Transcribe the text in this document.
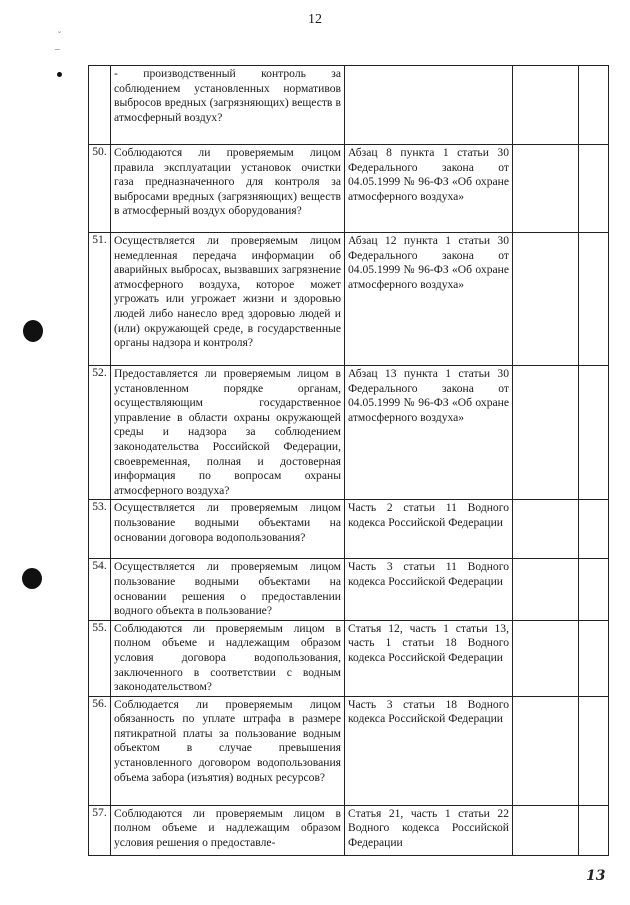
12
˘
–
	- производственный контроль за соблюдением установленных нормативов выбросов вредных (загрязняющих) веществ в атмосферный воздух?			
50.	Соблюдаются ли проверяемым лицом правила эксплуатации установок очистки газа предназначенного для контроля за выбросами вредных (загрязняющих) веществ в атмосферный воздух оборудования?	Абзац 8 пункта 1 статьи 30 Федерального закона от 04.05.1999 № 96-ФЗ «Об охране атмосферного воздуха»		
51.	Осуществляется ли проверяемым лицом немедленная передача информации об аварийных выбросах, вызвавших загрязнение атмосферного воздуха, которое может угрожать или угрожает жизни и здоровью людей либо нанесло вред здоровью людей и (или) окружающей среде, в государственные органы надзора и контроля?	Абзац 12 пункта 1 статьи 30 Федерального закона от 04.05.1999 № 96-ФЗ «Об охране атмосферного воздуха»		
52.	Предоставляется ли проверяемым лицом в установленном порядке органам, осуществляющим государственное управление в области охраны окружающей среды и надзора за соблюдением законодательства Российской Федерации, своевременная, полная и достоверная информация по вопросам охраны атмосферного воздуха?	Абзац 13 пункта 1 статьи 30 Федерального закона от 04.05.1999 № 96-ФЗ «Об охране атмосферного воздуха»		
53.	Осуществляется ли проверяемым лицом пользование водными объектами на основании договора водопользования?	Часть 2 статьи 11 Водного кодекса Российской Федерации		
54.	Осуществляется ли проверяемым лицом пользование водными объектами на основании решения о предоставлении водного объекта в пользование?	Часть 3 статьи 11 Водного кодекса Российской Федерации		
55.	Соблюдаются ли проверяемым лицом в полном объеме и надлежащим образом условия договора водопользования, заключенного в соответствии с водным законодательством?	Статья 12, часть 1 статьи 13, часть 1 статьи 18 Водного кодекса Российской Федерации		
56.	Соблюдается ли проверяемым лицом обязанность по уплате штрафа в размере пятикратной платы за пользование водным объектом в случае превышения установленного договором водопользования объема забора (изъятия) водных ресурсов?	Часть 3 статьи 18 Водного кодекса Российской Федерации		
57.	Соблюдаются ли проверяемым лицом в полном объеме и надлежащим образом условия решения о предоставле-	Статья 21, часть 1 статьи 22 Водного кодекса Российской Федерации		
13
